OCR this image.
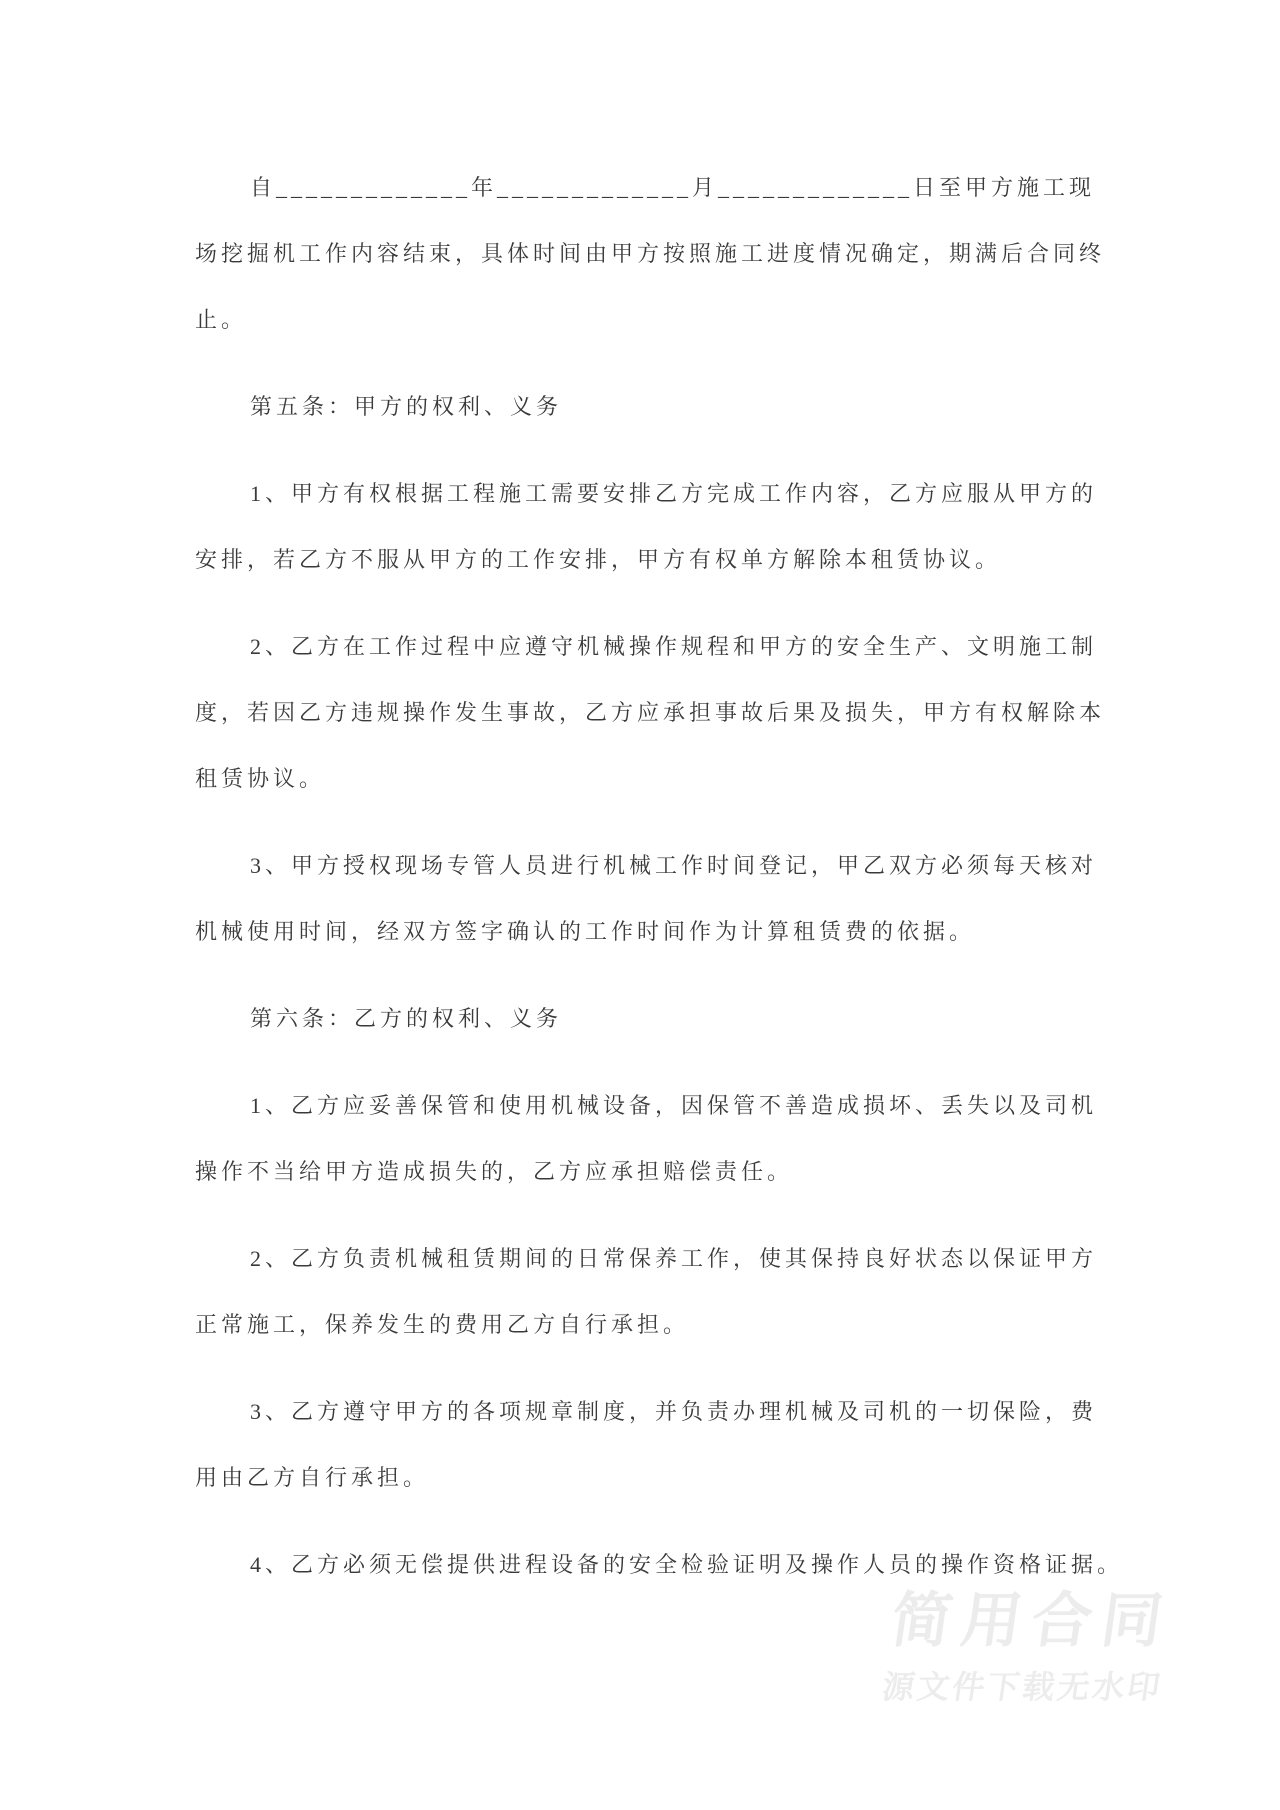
自_____________年_____________月_____________日至甲方施工现
场挖掘机工作内容结束，具体时间由甲方按照施工进度情况确定，期满后合同终
止。

第五条：甲方的权利、义务

1、甲方有权根据工程施工需要安排乙方完成工作内容，乙方应服从甲方的
安排，若乙方不服从甲方的工作安排，甲方有权单方解除本租赁协议。

2、乙方在工作过程中应遵守机械操作规程和甲方的安全生产、文明施工制
度，若因乙方违规操作发生事故，乙方应承担事故后果及损失，甲方有权解除本
租赁协议。

3、甲方授权现场专管人员进行机械工作时间登记，甲乙双方必须每天核对
机械使用时间，经双方签字确认的工作时间作为计算租赁费的依据。

第六条：乙方的权利、义务

1、乙方应妥善保管和使用机械设备，因保管不善造成损坏、丢失以及司机
操作不当给甲方造成损失的，乙方应承担赔偿责任。

2、乙方负责机械租赁期间的日常保养工作，使其保持良好状态以保证甲方
正常施工，保养发生的费用乙方自行承担。

3、乙方遵守甲方的各项规章制度，并负责办理机械及司机的一切保险，费
用由乙方自行承担。

4、乙方必须无偿提供进程设备的安全检验证明及操作人员的操作资格证据。

简用合同
源文件下载无水印
